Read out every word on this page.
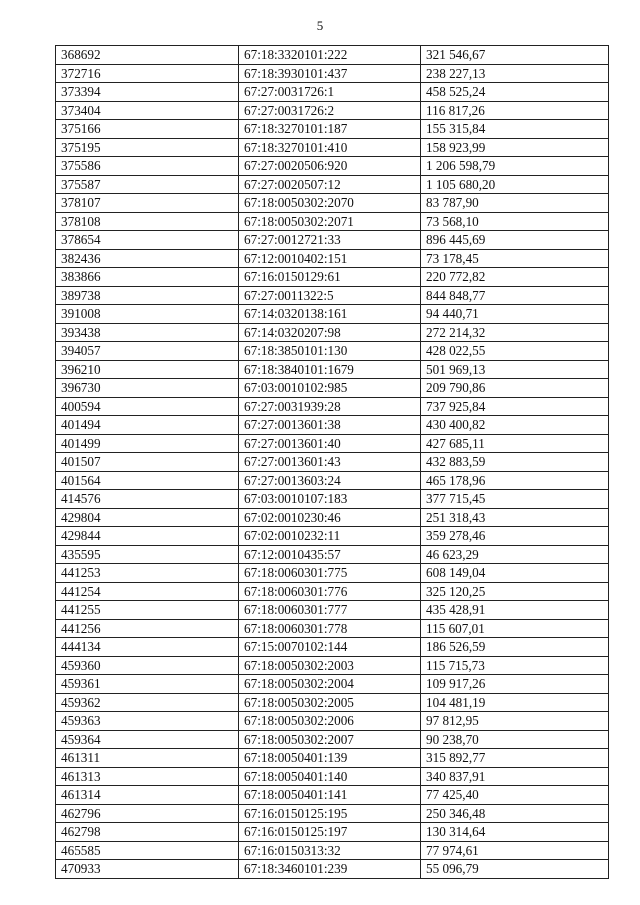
5
368692	67:18:3320101:222	321 546,67
372716	67:18:3930101:437	238 227,13
373394	67:27:0031726:1	458 525,24
373404	67:27:0031726:2	116 817,26
375166	67:18:3270101:187	155 315,84
375195	67:18:3270101:410	158 923,99
375586	67:27:0020506:920	1 206 598,79
375587	67:27:0020507:12	1 105 680,20
378107	67:18:0050302:2070	83 787,90
378108	67:18:0050302:2071	73 568,10
378654	67:27:0012721:33	896 445,69
382436	67:12:0010402:151	73 178,45
383866	67:16:0150129:61	220 772,82
389738	67:27:0011322:5	844 848,77
391008	67:14:0320138:161	94 440,71
393438	67:14:0320207:98	272 214,32
394057	67:18:3850101:130	428 022,55
396210	67:18:3840101:1679	501 969,13
396730	67:03:0010102:985	209 790,86
400594	67:27:0031939:28	737 925,84
401494	67:27:0013601:38	430 400,82
401499	67:27:0013601:40	427 685,11
401507	67:27:0013601:43	432 883,59
401564	67:27:0013603:24	465 178,96
414576	67:03:0010107:183	377 715,45
429804	67:02:0010230:46	251 318,43
429844	67:02:0010232:11	359 278,46
435595	67:12:0010435:57	46 623,29
441253	67:18:0060301:775	608 149,04
441254	67:18:0060301:776	325 120,25
441255	67:18:0060301:777	435 428,91
441256	67:18:0060301:778	115 607,01
444134	67:15:0070102:144	186 526,59
459360	67:18:0050302:2003	115 715,73
459361	67:18:0050302:2004	109 917,26
459362	67:18:0050302:2005	104 481,19
459363	67:18:0050302:2006	97 812,95
459364	67:18:0050302:2007	90 238,70
461311	67:18:0050401:139	315 892,77
461313	67:18:0050401:140	340 837,91
461314	67:18:0050401:141	77 425,40
462796	67:16:0150125:195	250 346,48
462798	67:16:0150125:197	130 314,64
465585	67:16:0150313:32	77 974,61
470933	67:18:3460101:239	55 096,79
